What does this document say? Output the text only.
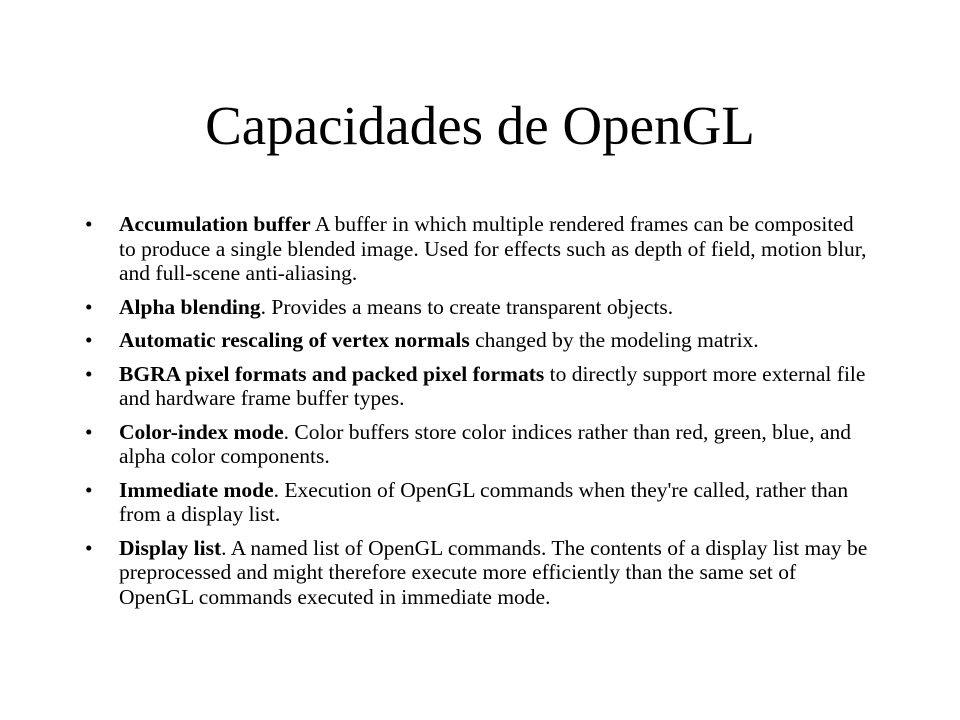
Capacidades de OpenGL
• Accumulation buffer A buffer in which multiple rendered frames can be composited to produce a single blended image. Used for effects such as depth of field, motion blur, and full-scene anti-aliasing.
• Alpha blending. Provides a means to create transparent objects.
• Automatic rescaling of vertex normals changed by the modeling matrix.
• BGRA pixel formats and packed pixel formats to directly support more external file and hardware frame buffer types.
• Color-index mode. Color buffers store color indices rather than red, green, blue, and alpha color components.
• Immediate mode. Execution of OpenGL commands when they're called, rather than from a display list.
• Display list. A named list of OpenGL commands. The contents of a display list may be preprocessed and might therefore execute more efficiently than the same set of OpenGL commands executed in immediate mode.
